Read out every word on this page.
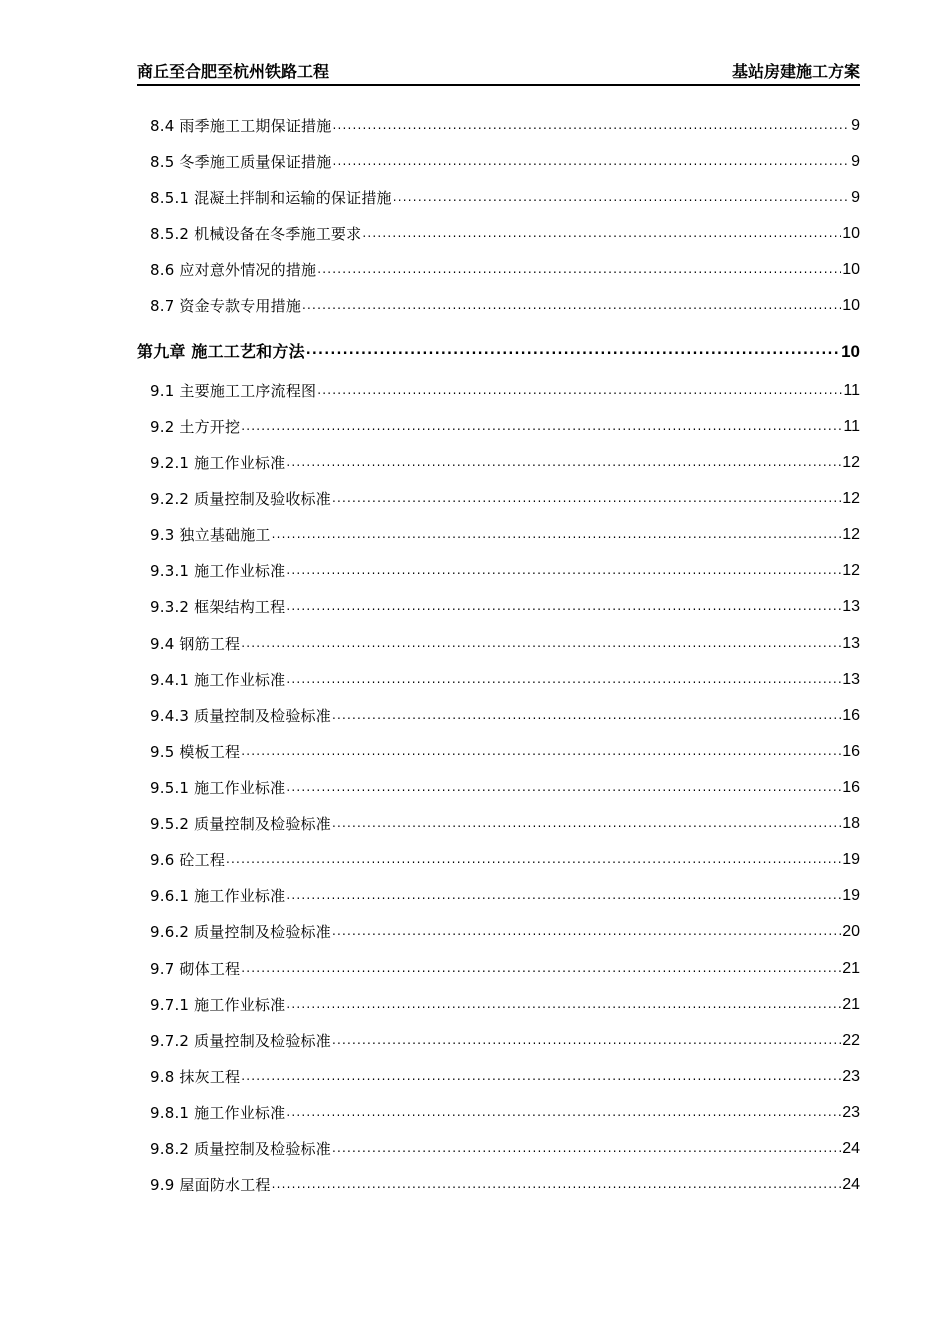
商丘至合肥至杭州铁路工程	基站房建施工方案
8.4 雨季施工工期保证措施 .....	9
8.5 冬季施工质量保证措施 .....	9
8.5.1 混凝土拌制和运输的保证措施 .....	9
8.5.2 机械设备在冬季施工要求 .....	10
8.6 应对意外情况的措施 .....	10
8.7 资金专款专用措施 .....	10
第九章 施工工艺和方法 .....	10
9.1 主要施工工序流程图 .....	11
9.2 土方开挖 .....	11
9.2.1 施工作业标准 .....	12
9.2.2 质量控制及验收标准 .....	12
9.3 独立基础施工 .....	12
9.3.1 施工作业标准 .....	12
9.3.2 框架结构工程 .....	13
9.4 钢筋工程 .....	13
9.4.1 施工作业标准 .....	13
9.4.3 质量控制及检验标准 .....	16
9.5 模板工程 .....	16
9.5.1 施工作业标准 .....	16
9.5.2 质量控制及检验标准 .....	18
9.6 砼工程 .....	19
9.6.1 施工作业标准 .....	19
9.6.2 质量控制及检验标准 .....	20
9.7 砌体工程 .....	21
9.7.1 施工作业标准 .....	21
9.7.2 质量控制及检验标准 .....	22
9.8 抹灰工程 .....	23
9.8.1 施工作业标准 .....	23
9.8.2 质量控制及检验标准 .....	24
9.9 屋面防水工程 .....	24
